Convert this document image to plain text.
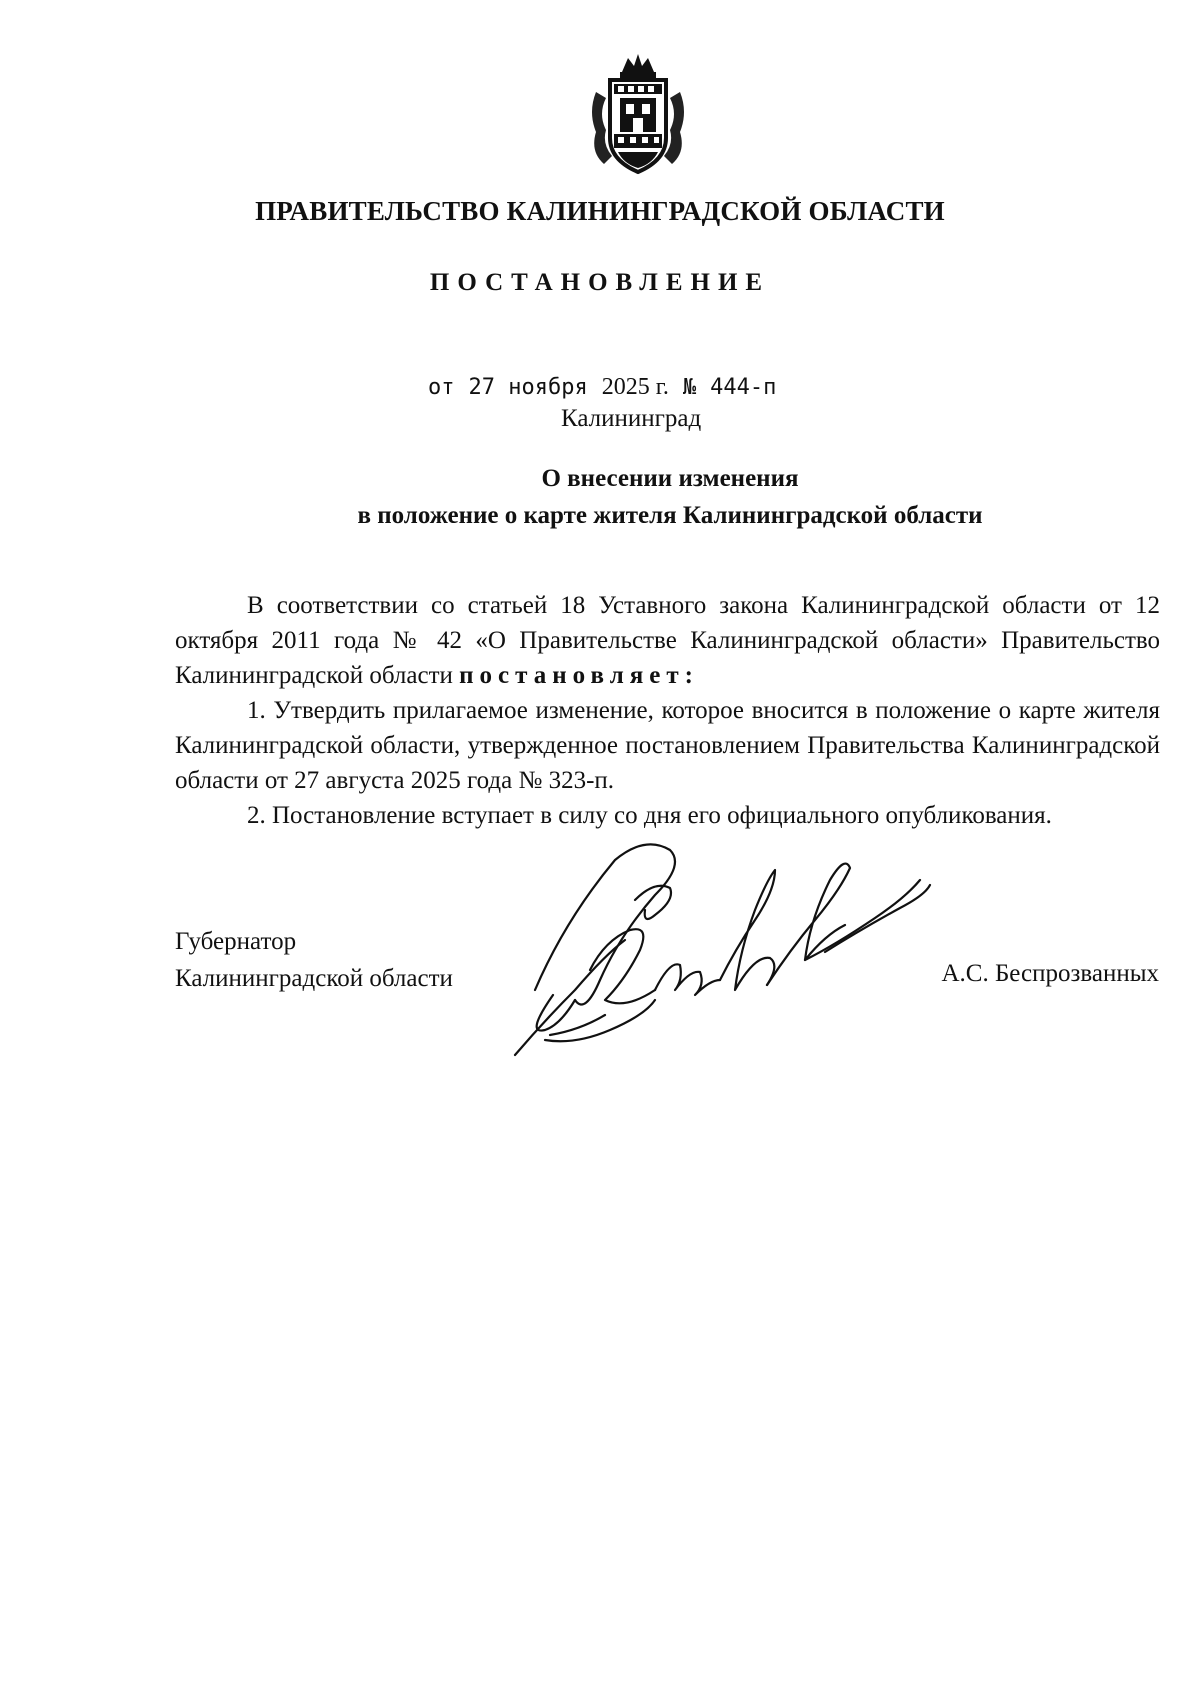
ПРАВИТЕЛЬСТВО КАЛИНИНГРАДСКОЙ ОБЛАСТИ
ПОСТАНОВЛЕНИЕ
от 27 ноября 2025 г. № 444-п
Калининград
О внесении изменения
в положение о карте жителя Калининградской области

В соответствии со статьей 18 Уставного закона Калининградской области от 12 октября 2011 года № 42 «О Правительстве Калининградской области» Правительство Калининградской области постановляет:

1. Утвердить прилагаемое изменение, которое вносится в положение о карте жителя Калининградской области, утвержденное постановлением Правительства Калининградской области от 27 августа 2025 года № 323-п.

2. Постановление вступает в силу со дня его официального опубликования.

Губернатор
Калининградской области	А.С. Беспрозванных
